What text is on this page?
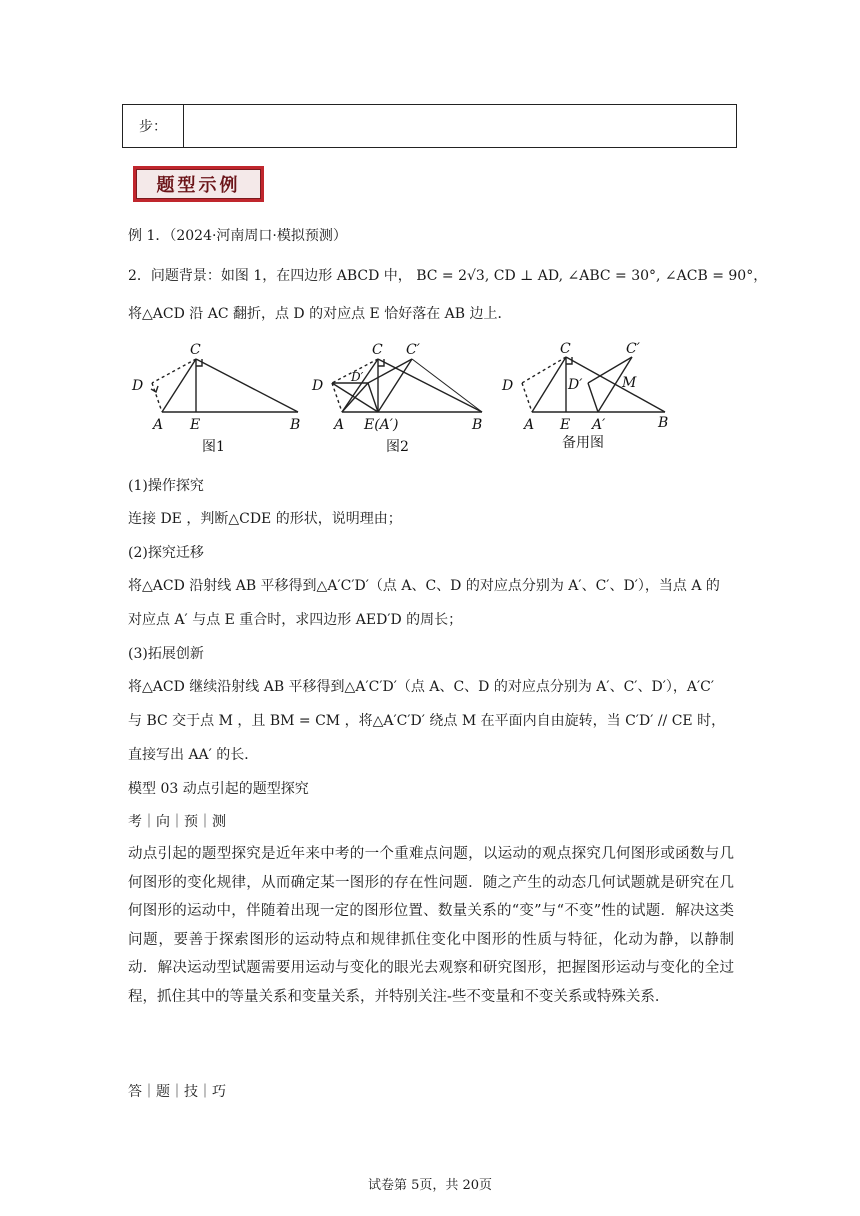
步：
题型示例
例 1．（2024·河南周口·模拟预测）
2．问题背景：如图 1，在四边形 ABCD 中， BC = 2√3, CD ⊥ AD, ∠ABC = 30°, ∠ACB = 90°，
将△ACD 沿 AC 翻折，点 D 的对应点 E 恰好落在 AB 边上．
C
D
A E	B
图1
C C′
D
D′
A E(A′)	B
图2
C	C′
D	D′	M
A E A′	B
备用图
(1)操作探究
连接 DE ，判断△CDE 的形状，说明理由；
(2)探究迁移
将△ACD 沿射线 AB 平移得到△A′C′D′（点 A、C、D 的对应点分别为 A′、C′、D′），当点 A 的
对应点 A′ 与点 E 重合时，求四边形 AED′D 的周长；
(3)拓展创新
将△ACD 继续沿射线 AB 平移得到△A′C′D′（点 A、C、D 的对应点分别为 A′、C′、D′），A′C′
与 BC 交于点 M ，且 BM = CM ，将△A′C′D′ 绕点 M 在平面内自由旋转，当 C′D′ // CE 时，
直接写出 AA′ 的长．
模型 03 动点引起的题型探究
考｜向｜预｜测
动点引起的题型探究是近年来中考的一个重难点问题，以运动的观点探究几何图形或函数与几何图形的变化规律，从而确定某一图形的存在性问题．随之产生的动态几何试题就是研究在几何图形的运动中，伴随着出现一定的图形位置、数量关系的“变”与“不变”性的试题．解决这类问题，要善于探索图形的运动特点和规律抓住变化中图形的性质与特征，化动为静，以静制动．解决运动型试题需要用运动与变化的眼光去观察和研究图形，把握图形运动与变化的全过程，抓住其中的等量关系和变量关系，并特别关注-些不变量和不变关系或特殊关系．
答｜题｜技｜巧
试卷第 5页，共 20页
